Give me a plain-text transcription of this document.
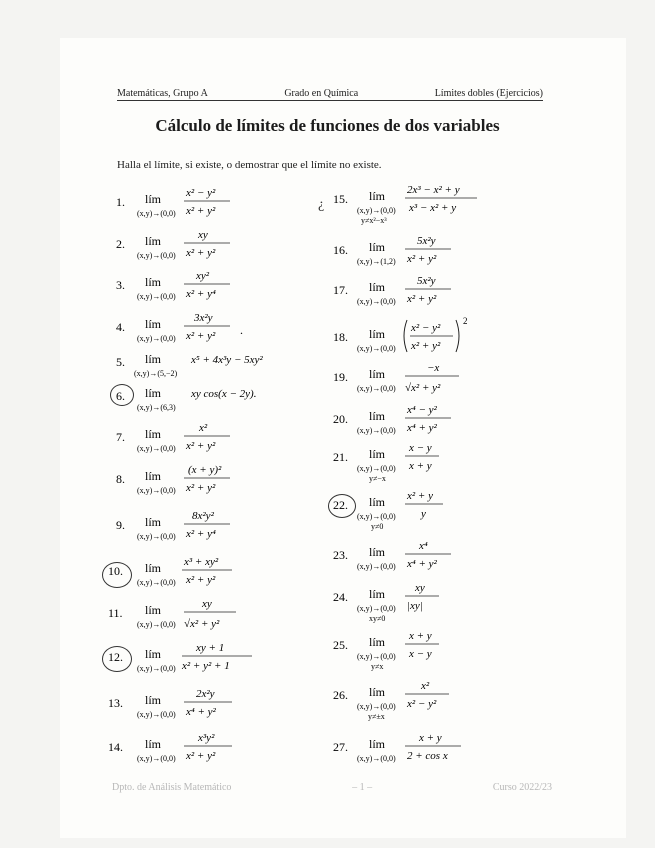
Matemáticas, Grupo A	Grado en Química	Límites dobles (Ejercicios)
Cálculo de límites de funciones de dos variables
Halla el límite, si existe, o demostrar que el límite no existe.
1. lím
(x,y)→(0,0)
x² − y²
x² + y²
2. lím
(x,y)→(0,0)
xy
x² + y²
3. lím
(x,y)→(0,0)
xy²
x² + y⁴
4. lím
(x,y)→(0,0)
3x²y
x² + y² .
5. lím
(x,y)→(5,−2)
x⁵ + 4x³y − 5xy²
6. lím
(x,y)→(6,3)
xy cos(x − 2y).
7. lím
(x,y)→(0,0)
x²
x² + y²
8. lím
(x,y)→(0,0)
(x + y)²
x² + y²
9. lím
(x,y)→(0,0)
8x²y²
x² + y⁴
10. lím
(x,y)→(0,0)
x³ + xy²
x² + y²
11. lím
(x,y)→(0,0)
xy
√x² + y²
12. lím
(x,y)→(0,0)
xy + 1
x² + y² + 1
13. lím
(x,y)→(0,0)
2x²y
x⁴ + y²
14. lím
(x,y)→(0,0)
x³y²
x² + y²
¿ 15. lím
(x,y)→(0,0)
y≠x²−x³
2x³ − x² + y
x³ − x² + y
16. lím
(x,y)→(1,2)
5x²y
x² + y²
17. lím
(x,y)→(0,0)
5x²y
x² + y²
18. lím
(x,y)→(0,0)
x² − y²
x² + y²
2
19. lím
(x,y)→(0,0)
−x
√x² + y²
20. lím
(x,y)→(0,0)
x⁴ − y²
x⁴ + y²
21. lím
(x,y)→(0,0)
y≠−x
x − y
x + y
22. lím
(x,y)→(0,0)
y≠0
x² + y
y
23. lím
(x,y)→(0,0)
x⁴
x⁴ + y²
24. lím
(x,y)→(0,0)
xy≠0
xy
|xy|
25. lím
(x,y)→(0,0)
y≠x
x + y
x − y
26. lím
(x,y)→(0,0)
y≠±x
x²
x² − y²
27. lím
(x,y)→(0,0)
x + y
2 + cos x
Dpto. de Análisis Matemático	– 1 –	Curso 2022/23
